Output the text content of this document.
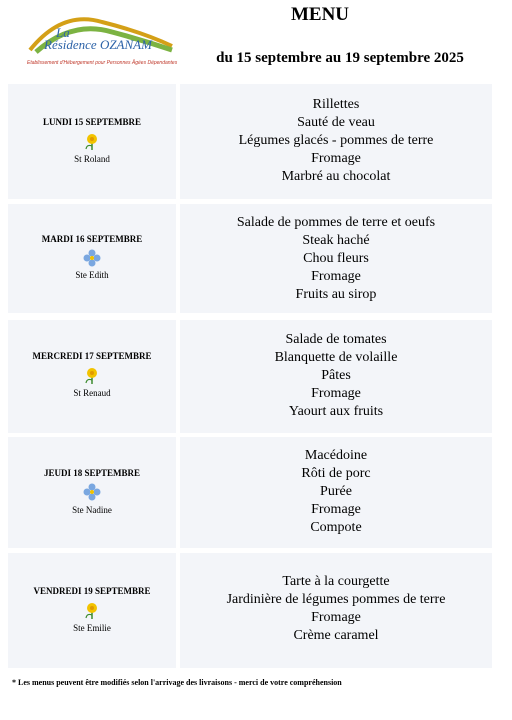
La
Résidence OZANAM
Etablissement d'Hébergement pour Personnes Âgées Dépendantes
MENU
du 15 septembre au 19 septembre 2025
LUNDI 15 SEPTEMBRE
St Roland
Rillettes
Sauté de veau
Légumes glacés - pommes de terre
Fromage
Marbré au chocolat
MARDI 16 SEPTEMBRE
Ste Edith
Salade de pommes de terre et oeufs
Steak haché
Chou fleurs
Fromage
Fruits au sirop
MERCREDI 17 SEPTEMBRE
St Renaud
Salade de tomates
Blanquette de volaille
Pâtes
Fromage
Yaourt aux fruits
JEUDI 18 SEPTEMBRE
Ste Nadine
Macédoine
Rôti de porc
Purée
Fromage
Compote
VENDREDI 19 SEPTEMBRE
Ste Emilie
Tarte à la courgette
Jardinière de légumes pommes de terre
Fromage
Crème caramel
* Les menus peuvent être modifiés selon l'arrivage des livraisons - merci de votre compréhension
